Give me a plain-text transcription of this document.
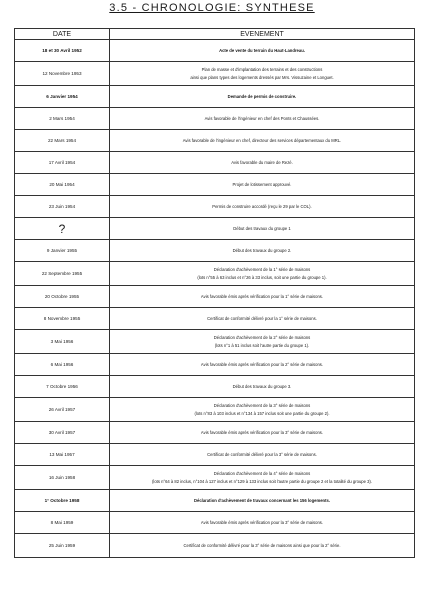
3.5 - CHRONOLOGIE: SYNTHESE
DATE	EVENEMENT
18 et 30 Avril 1952	Acte de vente du terrain du Haut-Landreau.

12 Novembre 1953	Plan de masse et d'implantation des terrains et des constructions
ainsi que plans types des logements dressés par Mrs. Vissuzaine et Longuet.

6 Janvier 1954	Demande de permis de construire.

2 Mars 1954	Avis favorable de l'ingénieur en chef des Ponts et Chaussées.

22 Mars 1954	Avis favorable de l'ingénieur en chef, directeur des services départementaux du MRL.

17 Avril 1954	Avis favorable du maire de Rezé.

20 Mai 1954	Projet de lotissement approuvé.

23 Juin 1954	Permis de construire accordé (reçu le 29 par le COL).

?	Début des travaux du groupe 1

9 Janvier 1955	Début des travaux du groupe 2.

22 Septembre 1955	Déclaration d'achèvement de la 1° série de maisons
(lots n°55 à 63 inclus et n°26 à 33 inclus, soit une partie du groupe 1).

20 Octobre 1955	Avis favorable émis après vérification pour la 1° série de maisons.

8 Novembre 1955	Certificat de conformité délivré pour la 1° série de maisons.

3 Mai 1956	Déclaration d'achèvement de la 2° série de maisons
(lots n°1 à 51 inclus soit l'autre partie du groupe 1).

6 Mai 1956	Avis favorable émis après vérification pour la 2° série de maisons.

7 Octobre 1956	Début des travaux du groupe 3.

26 Avril 1957	Déclaration d'achèvement de la 3° série de maisons
(lots n°83 à 103 inclus et n°134 à 157 inclus soit une partie du groupe 2).

30 Avril 1957	Avis favorable émis après vérification pour la 3° série de maisons.

13 Mai 1957	Certificat de conformité délivré pour la 3° série de maisons.

16 Juin 1958	Déclaration d'achèvement de la 4° série de maisons
(lots n°64 à 82 inclus, n°104 à 127 inclus et n°129 à 133 inclus soit l'autre partie du groupe 2 et la totalité du groupe 3).

1° Octobre 1958	Déclaration d'achèvement de travaux concernant les 156 logements.

8 Mai 1959	Avis favorable émis après vérification pour la 3° série de maisons.

25 Juin 1959	Certificat de conformité délivré pour la 3° série de maisons ainsi que pour la 2° série.
